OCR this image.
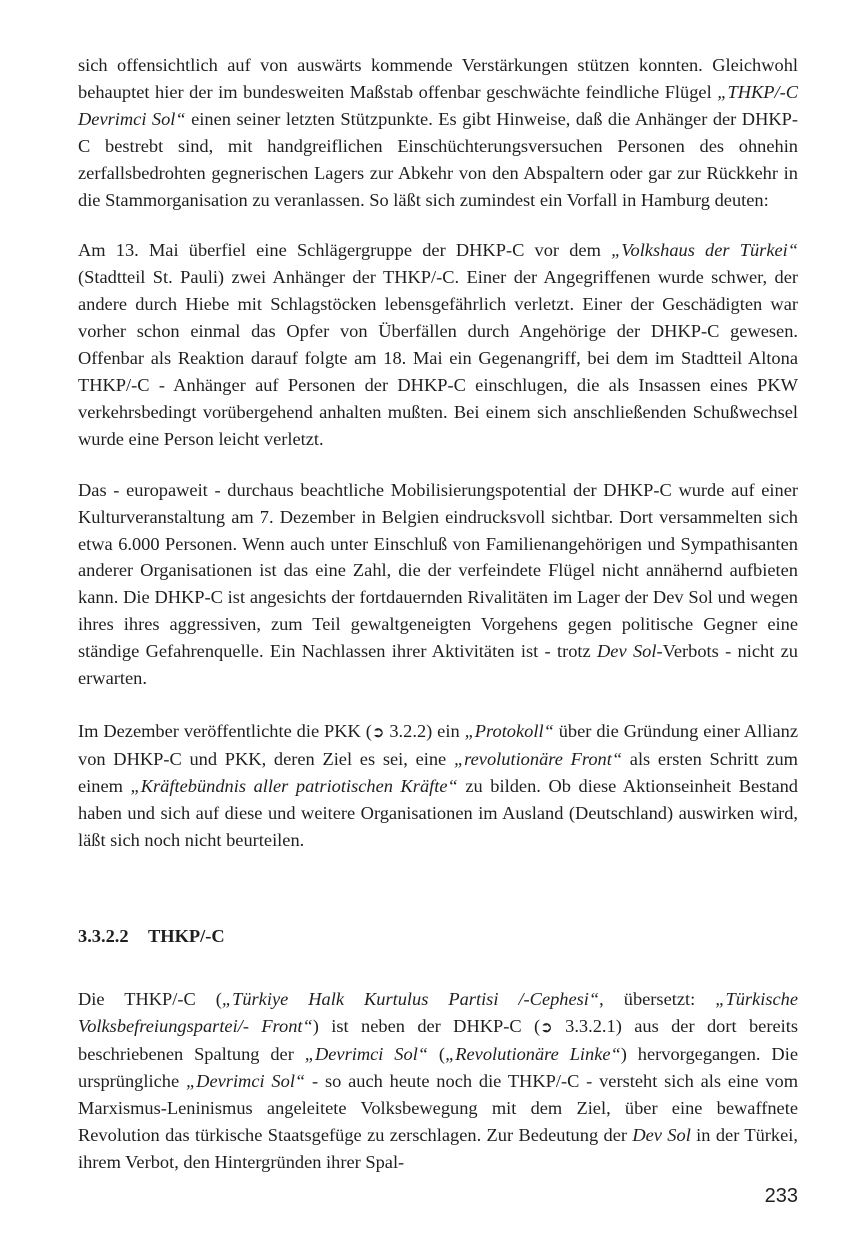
sich offensichtlich auf von auswärts kommende Verstärkungen stützen konnten. Gleichwohl behauptet hier der im bundesweiten Maßstab offenbar geschwächte feindliche Flügel „THKP/-C Devrimci Sol“ einen seiner letzten Stützpunkte. Es gibt Hinweise, daß die Anhänger der DHKP-C bestrebt sind, mit handgreiflichen Einschüchterungsversuchen Personen des ohnehin zerfallsbedrohten gegnerischen Lagers zur Abkehr von den Abspaltern oder gar zur Rückkehr in die Stammorganisation zu veranlassen. So läßt sich zumindest ein Vorfall in Hamburg deuten:

Am 13. Mai überfiel eine Schlägergruppe der DHKP-C vor dem „Volkshaus der Türkei“ (Stadtteil St. Pauli) zwei Anhänger der THKP/-C. Einer der Angegriffenen wurde schwer, der andere durch Hiebe mit Schlagstöcken lebensgefährlich verletzt. Einer der Geschädigten war vorher schon einmal das Opfer von Überfällen durch Angehörige der DHKP-C gewesen. Offenbar als Reaktion darauf folgte am 18. Mai ein Gegenangriff, bei dem im Stadtteil Altona THKP/-C - Anhänger auf Personen der DHKP-C einschlugen, die als Insassen eines PKW verkehrsbedingt vorübergehend anhalten mußten. Bei einem sich anschließenden Schußwechsel wurde eine Person leicht verletzt.

Das - europaweit - durchaus beachtliche Mobilisierungspotential der DHKP-C wurde auf einer Kulturveranstaltung am 7. Dezember in Belgien eindrucksvoll sichtbar. Dort versammelten sich etwa 6.000 Personen. Wenn auch unter Einschluß von Familienangehörigen und Sympathisanten anderer Organisationen ist das eine Zahl, die der verfeindete Flügel nicht annähernd aufbieten kann. Die DHKP-C ist angesichts der fortdauernden Rivalitäten im Lager der Dev Sol und wegen ihres ihres aggressiven, zum Teil gewaltgeneigten Vorgehens gegen politische Gegner eine ständige Gefahrenquelle. Ein Nachlassen ihrer Aktivitäten ist - trotz Dev Sol-Verbots - nicht zu erwarten.

Im Dezember veröffentlichte die PKK (➲ 3.2.2) ein „Protokoll“ über die Gründung einer Allianz von DHKP-C und PKK, deren Ziel es sei, eine „revolutionäre Front“ als ersten Schritt zum einem „Kräftebündnis aller patriotischen Kräfte“ zu bilden. Ob diese Aktionseinheit Bestand haben und sich auf diese und weitere Organisationen im Ausland (Deutschland) auswirken wird, läßt sich noch nicht beurteilen.

3.3.2.2 THKP/-C

Die THKP/-C („Türkiye Halk Kurtulus Partisi /-Cephesi“, übersetzt: „Türkische Volksbefreiungspartei/- Front“) ist neben der DHKP-C (➲ 3.3.2.1) aus der dort bereits beschriebenen Spaltung der „Devrimci Sol“ („Revolutionäre Linke“) hervorgegangen. Die ursprüngliche „Devrimci Sol“ - so auch heute noch die THKP/-C - versteht sich als eine vom Marxismus-Leninismus angeleitete Volksbewegung mit dem Ziel, über eine bewaffnete Revolution das türkische Staatsgefüge zu zerschlagen. Zur Bedeutung der Dev Sol in der Türkei, ihrem Verbot, den Hintergründen ihrer Spal-

233
